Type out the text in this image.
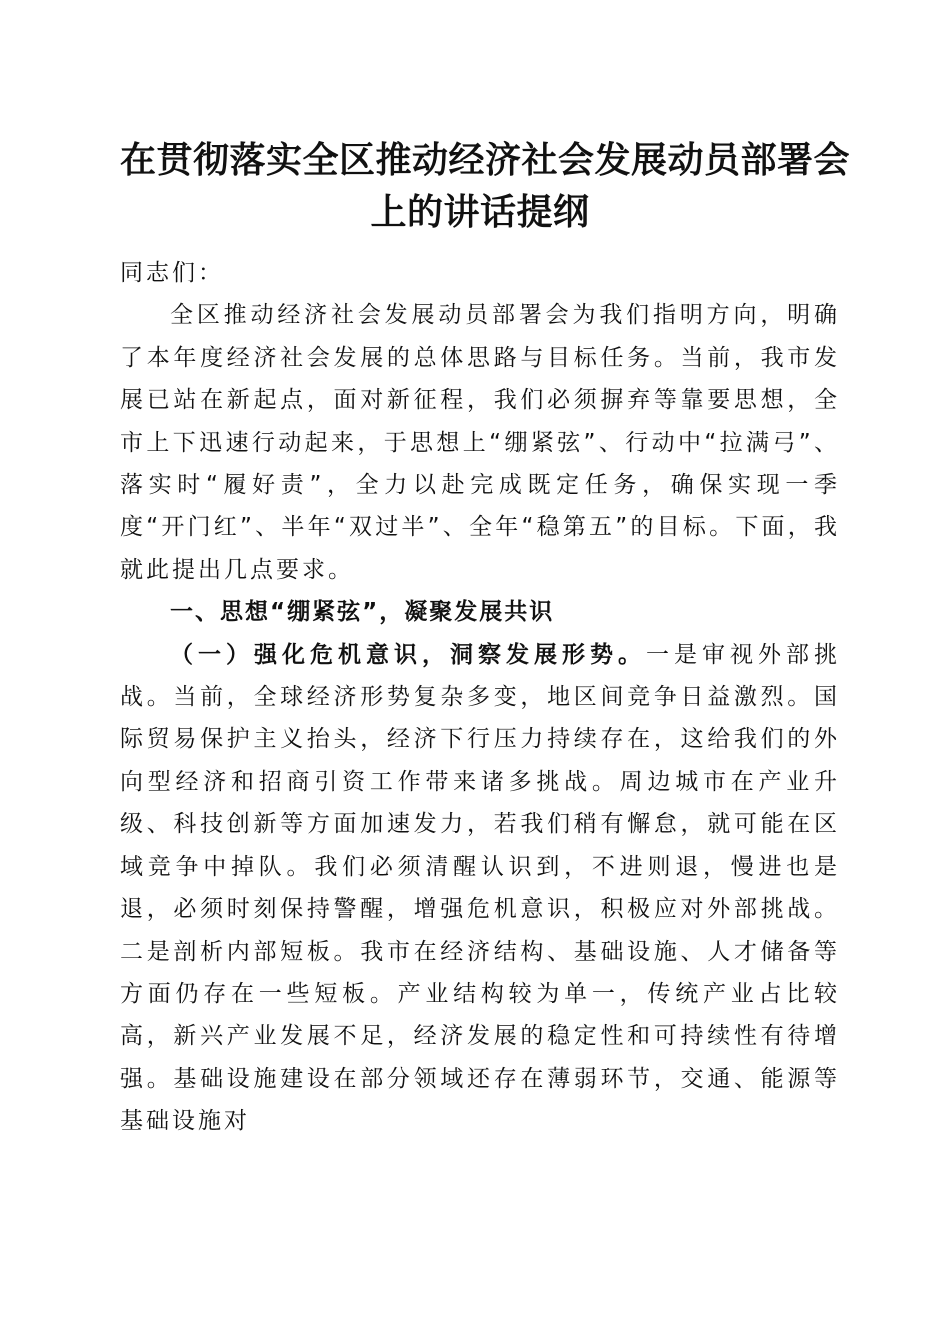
在贯彻落实全区推动经济社会发展动员部署会
上的讲话提纲

同志们：

全区推动经济社会发展动员部署会为我们指明方向，明确了本年度经济社会发展的总体思路与目标任务。当前，我市发展已站在新起点，面对新征程，我们必须摒弃等靠要思想，全市上下迅速行动起来，于思想上“绷紧弦”、行动中“拉满弓”、落实时“履好责”，全力以赴完成既定任务，确保实现一季度“开门红”、半年“双过半”、全年“稳第五”的目标。下面，我就此提出几点要求。

一、思想“绷紧弦”，凝聚发展共识

（一）强化危机意识，洞察发展形势。一是审视外部挑战。当前，全球经济形势复杂多变，地区间竞争日益激烈。国际贸易保护主义抬头，经济下行压力持续存在，这给我们的外向型经济和招商引资工作带来诸多挑战。周边城市在产业升级、科技创新等方面加速发力，若我们稍有懈怠，就可能在区域竞争中掉队。我们必须清醒认识到，不进则退，慢进也是退，必须时刻保持警醒，增强危机意识，积极应对外部挑战。二是剖析内部短板。我市在经济结构、基础设施、人才储备等方面仍存在一些短板。产业结构较为单一，传统产业占比较高，新兴产业发展不足，经济发展的稳定性和可持续性有待增强。基础设施建设在部分领域还存在薄弱环节，交通、能源等基础设施对
